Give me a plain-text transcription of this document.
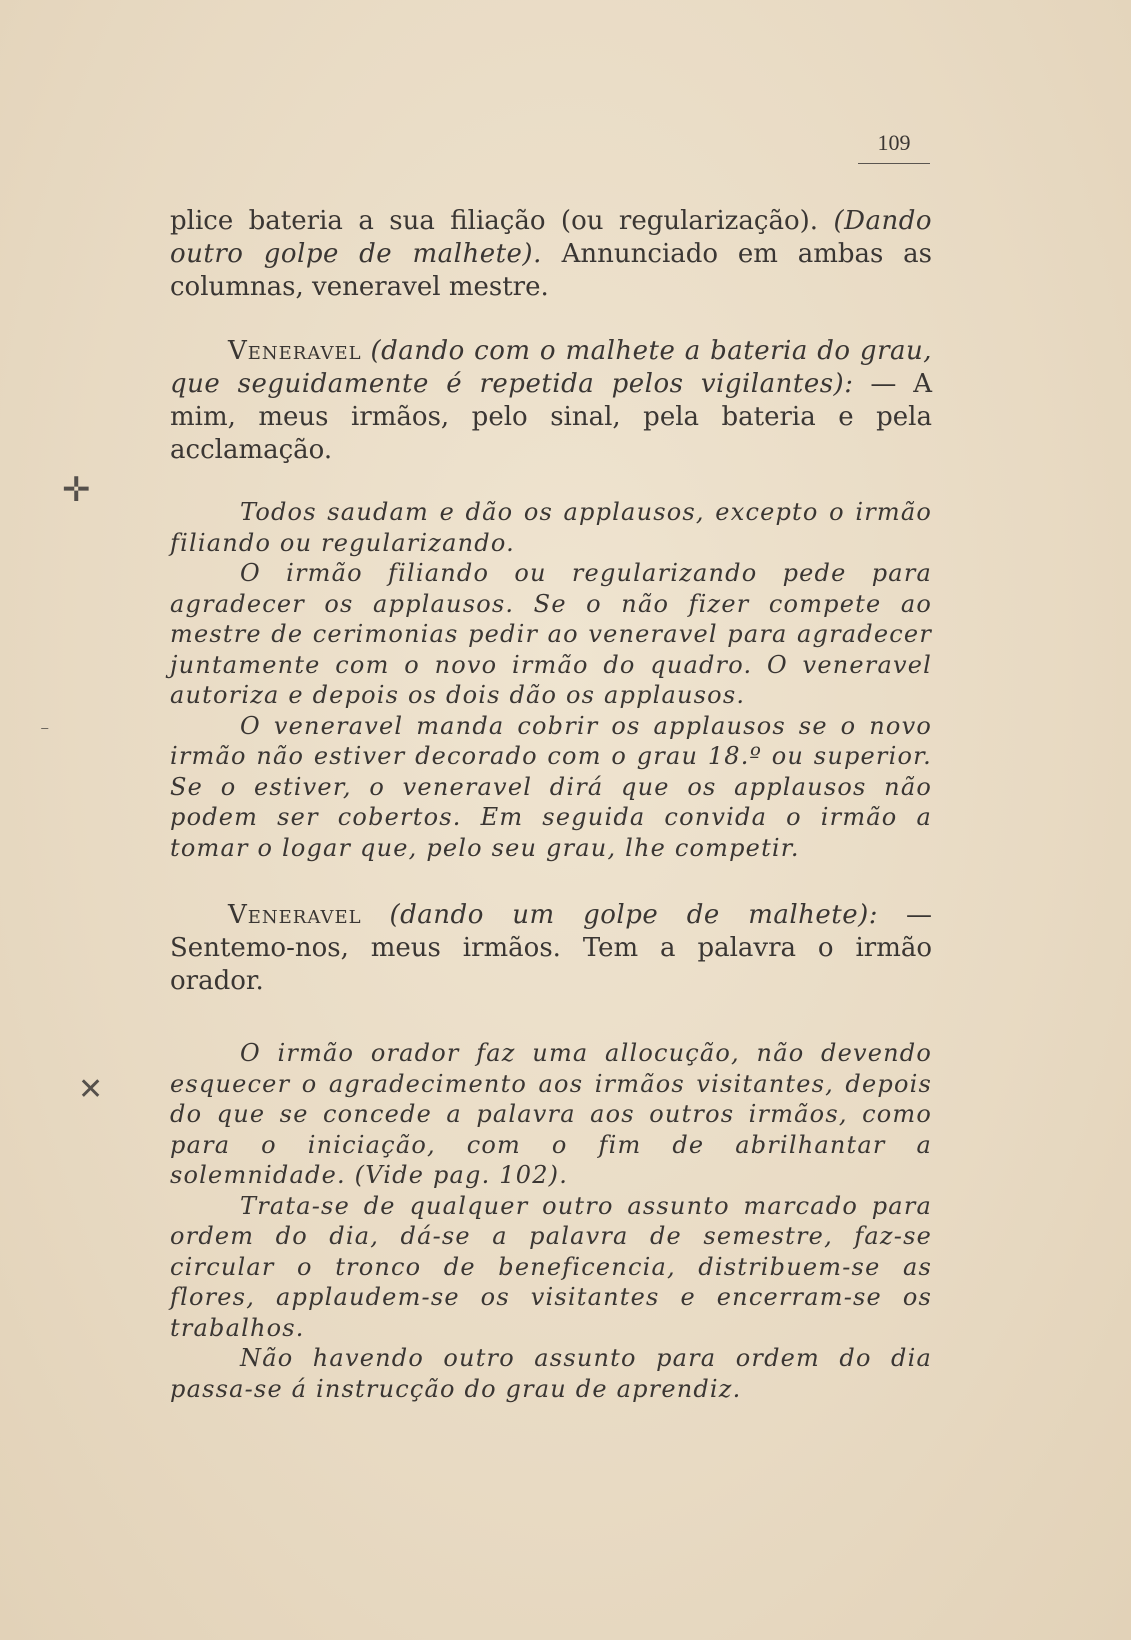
109
✛
⁻
✕

plice bateria a sua filiação (ou regularização). (Dando outro golpe de malhete). Annunciado em ambas as columnas, veneravel mestre.

Veneravel (dando com o malhete a bateria do grau, que seguidamente é repetida pelos vigilantes): — A mim, meus irmãos, pelo sinal, pela bateria e pela acclamação.

Todos saudam e dão os applausos, excepto o irmão filiando ou regularizando.

O irmão filiando ou regularizando pede para agradecer os applausos. Se o não fizer compete ao mestre de cerimonias pedir ao veneravel para agradecer juntamente com o novo irmão do quadro. O veneravel autoriza e depois os dois dão os applausos.

O veneravel manda cobrir os applausos se o novo irmão não estiver decorado com o grau 18.º ou superior. Se o estiver, o veneravel dirá que os applausos não podem ser cobertos. Em seguida convida o irmão a tomar o logar que, pelo seu grau, lhe competir.

Veneravel (dando um golpe de malhete): — Sentemo-nos, meus irmãos. Tem a palavra o irmão orador.

O irmão orador faz uma allocução, não devendo esquecer o agradecimento aos irmãos visitantes, depois do que se concede a palavra aos outros irmãos, como para o iniciação, com o fim de abrilhantar a solemnidade. (Vide pag. 102).

Trata-se de qualquer outro assunto marcado para ordem do dia, dá-se a palavra de semestre, faz-se circular o tronco de beneficencia, distribuem-se as flores, applaudem-se os visitantes e encerram-se os trabalhos.

Não havendo outro assunto para ordem do dia passa-se á instrucção do grau de aprendiz.
